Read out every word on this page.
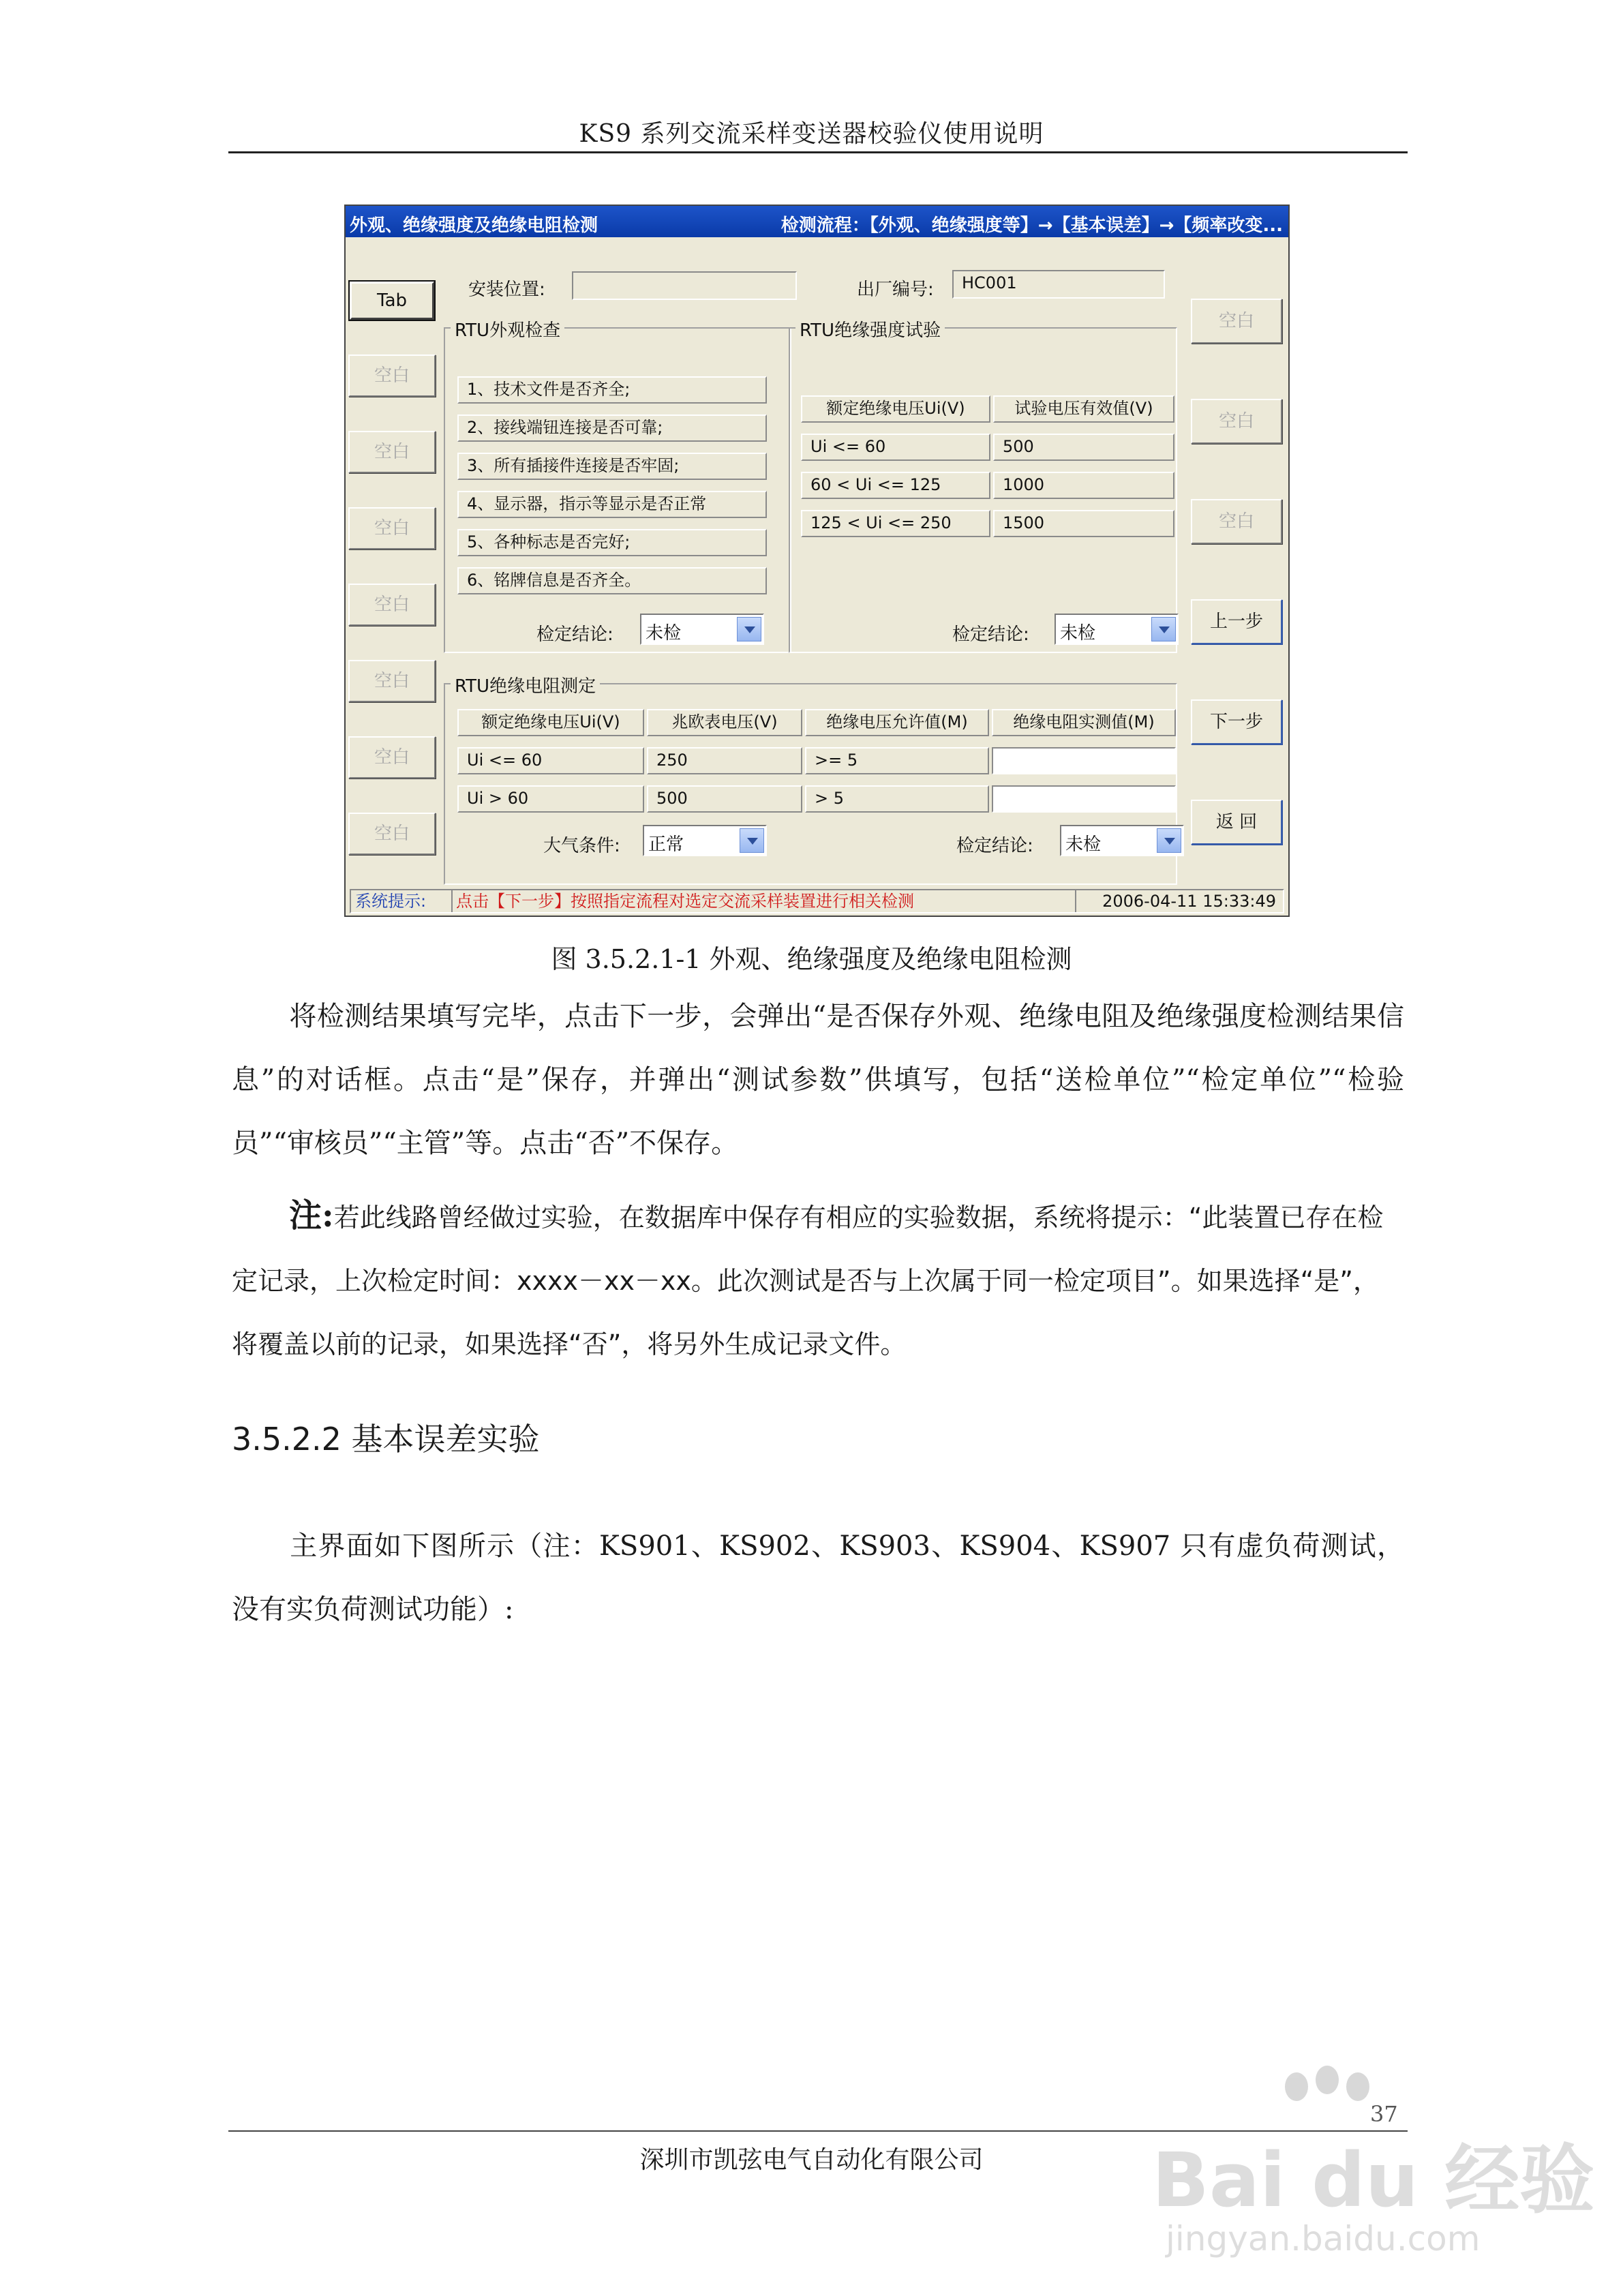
KS9 系列交流采样变送器校验仪使用说明
外观、绝缘强度及绝缘电阻检测	检测流程：【外观、绝缘强度等】→【基本误差】→【频率改变...
Tab
空白
空白
空白
空白
空白
空白
空白
空白
空白
空白
上一步
下一步
返 回
安装位置:	出厂编号:	HC001
RTU外观检查
1、技术文件是否齐全;
2、接线端钮连接是否可靠;
3、所有插接件连接是否牢固;
4、显示器，指示等显示是否正常
5、各种标志是否完好;
6、铭牌信息是否齐全。
检定结论: 未检
RTU绝缘强度试验
额定绝缘电压Ui(V)	试验电压有效值(V)
Ui <= 60	500
60 < Ui <= 125	1000
125 < Ui <= 250	1500
检定结论: 未检
RTU绝缘电阻测定
额定绝缘电压Ui(V)	兆欧表电压(V)	绝缘电压允许值(M)	绝缘电阻实测值(M)
Ui <= 60	250	>= 5
Ui > 60	500	> 5
大气条件: 正常	检定结论: 未检
系统提示: 点击【下一步】按照指定流程对选定交流采样装置进行相关检测	2006-04-11 15:33:49
图 3.5.2.1-1 外观、绝缘强度及绝缘电阻检测
将检测结果填写完毕，点击下一步，会弹出“是否保存外观、绝缘电阻及绝缘强度检测结果信息”的对话框。点击“是”保存，并弹出“测试参数”供填写，包括“送检单位”“检定单位”“检验员”“审核员”“主管”等。点击“否”不保存。
注:若此线路曾经做过实验，在数据库中保存有相应的实验数据，系统将提示：“此装置已存在检定记录，上次检定时间：xxxx－xx－xx。此次测试是否与上次属于同一检定项目”。如果选择“是”，将覆盖以前的记录，如果选择“否”，将另外生成记录文件。
3.5.2.2 基本误差实验
主界面如下图所示（注：KS901、KS902、KS903、KS904、KS907 只有虚负荷测试，没有实负荷测试功能）:
37
深圳市凯弦电气自动化有限公司	Bai du 经验
jingyan.baidu.com
